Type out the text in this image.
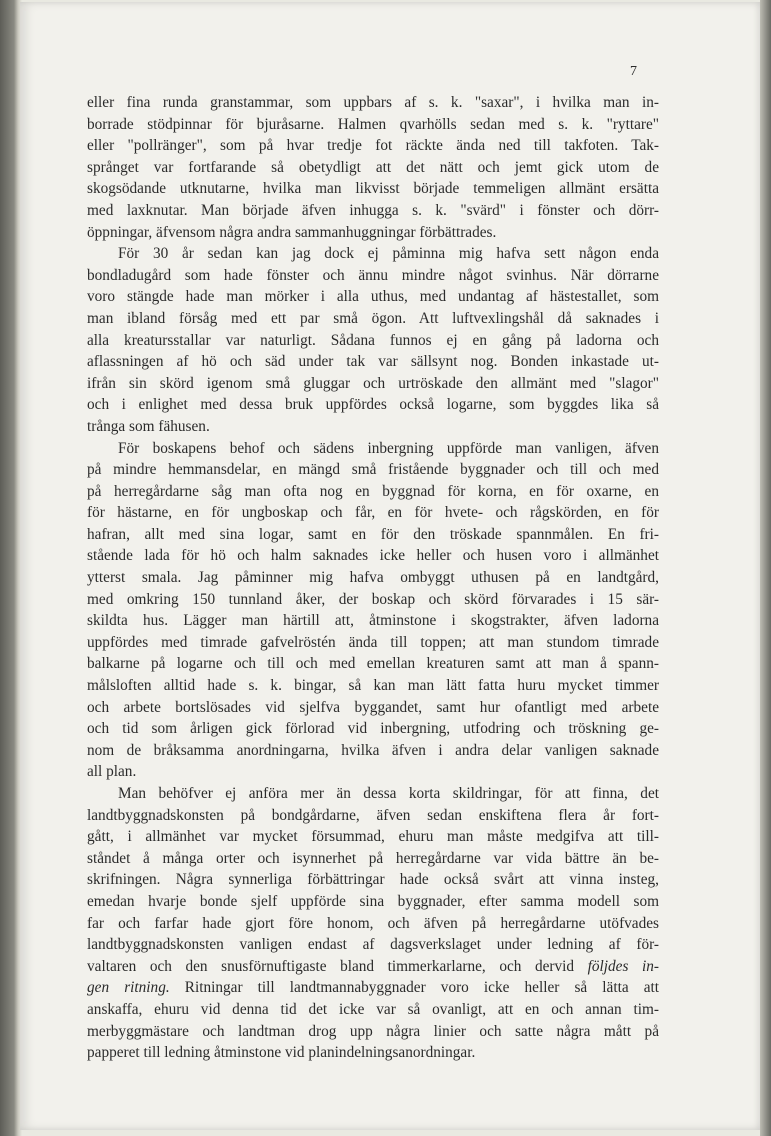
7
eller fina runda granstammar, som uppbars af s. k. "saxar", i hvilka man in-
borrade stödpinnar för bjuråsarne. Halmen qvarhölls sedan med s. k. "ryttare"
eller "pollränger", som på hvar tredje fot räckte ända ned till takfoten. Tak-
språnget var fortfarande så obetydligt att det nätt och jemt gick utom de
skogsödande utknutarne, hvilka man likvisst började temmeligen allmänt ersätta
med laxknutar. Man började äfven inhugga s. k. "svärd" i fönster och dörr-
öppningar, äfvensom några andra sammanhuggningar förbättrades.
För 30 år sedan kan jag dock ej påminna mig hafva sett någon enda
bondladugård som hade fönster och ännu mindre något svinhus. När dörrarne
voro stängde hade man mörker i alla uthus, med undantag af hästestallet, som
man ibland försåg med ett par små ögon. Att luftvexlingshål då saknades i
alla kreatursstallar var naturligt. Sådana funnos ej en gång på ladorna och
aflassningen af hö och säd under tak var sällsynt nog. Bonden inkastade ut-
ifrån sin skörd igenom små gluggar och urtröskade den allmänt med "slagor"
och i enlighet med dessa bruk uppfördes också logarne, som byggdes lika så
trånga som fähusen.
För boskapens behof och sädens inbergning uppförde man vanligen, äfven
på mindre hemmansdelar, en mängd små fristående byggnader och till och med
på herregårdarne såg man ofta nog en byggnad för korna, en för oxarne, en
för hästarne, en för ungboskap och får, en för hvete- och rågskörden, en för
hafran, allt med sina logar, samt en för den tröskade spannmålen. En fri-
stående lada för hö och halm saknades icke heller och husen voro i allmänhet
ytterst smala. Jag påminner mig hafva ombyggt uthusen på en landtgård,
med omkring 150 tunnland åker, der boskap och skörd förvarades i 15 sär-
skildta hus. Lägger man härtill att, åtminstone i skogstrakter, äfven ladorna
uppfördes med timrade gafvelröstén ända till toppen; att man stundom timrade
balkarne på logarne och till och med emellan kreaturen samt att man å spann-
målsloften alltid hade s. k. bingar, så kan man lätt fatta huru mycket timmer
och arbete bortslösades vid sjelfva byggandet, samt hur ofantligt med arbete
och tid som årligen gick förlorad vid inbergning, utfodring och tröskning ge-
nom de bråksamma anordningarna, hvilka äfven i andra delar vanligen saknade
all plan.
Man behöfver ej anföra mer än dessa korta skildringar, för att finna, det
landtbyggnadskonsten på bondgårdarne, äfven sedan enskiftena flera år fort-
gått, i allmänhet var mycket försummad, ehuru man måste medgifva att till-
ståndet å många orter och isynnerhet på herregårdarne var vida bättre än be-
skrifningen. Några synnerliga förbättringar hade också svårt att vinna insteg,
emedan hvarje bonde sjelf uppförde sina byggnader, efter samma modell som
far och farfar hade gjort före honom, och äfven på herregårdarne utöfvades
landtbyggnadskonsten vanligen endast af dagsverkslaget under ledning af för-
valtaren och den snusförnuftigaste bland timmerkarlarne, och dervid följdes in-
gen ritning. Ritningar till landtmannabyggnader voro icke heller så lätta att
anskaffa, ehuru vid denna tid det icke var så ovanligt, att en och annan tim-
merbyggmästare och landtman drog upp några linier och satte några mått på
papperet till ledning åtminstone vid planindelningsanordningar.
